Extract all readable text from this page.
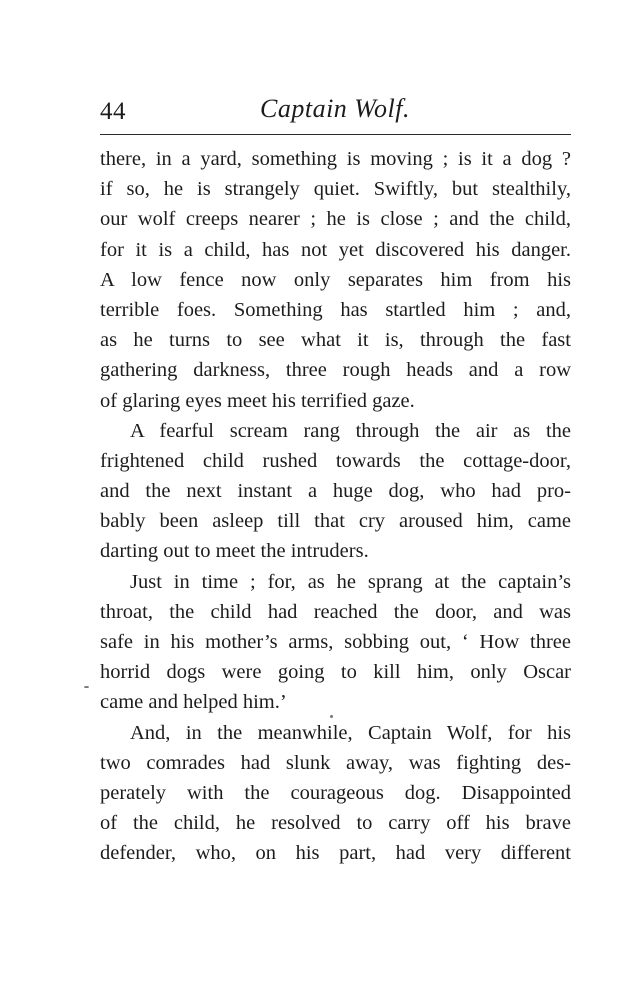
44	Captain Wolf.
there, in a yard, something is moving ; is it a dog ?
if so, he is strangely quiet. Swiftly, but stealthily,
our wolf creeps nearer ; he is close ; and the child,
for it is a child, has not yet discovered his danger.
A low fence now only separates him from his
terrible foes. Something has startled him ; and,
as he turns to see what it is, through the fast
gathering darkness, three rough heads and a row
of glaring eyes meet his terrified gaze.
A fearful scream rang through the air as the
frightened child rushed towards the cottage-door,
and the next instant a huge dog, who had pro-
bably been asleep till that cry aroused him, came
darting out to meet the intruders.
Just in time ; for, as he sprang at the captain’s
throat, the child had reached the door, and was
safe in his mother’s arms, sobbing out, ‘ How three
horrid dogs were going to kill him, only Oscar
came and helped him.’
And, in the meanwhile, Captain Wolf, for his
two comrades had slunk away, was fighting des-
perately with the courageous dog. Disappointed
of the child, he resolved to carry off his brave
defender, who, on his part, had very different
